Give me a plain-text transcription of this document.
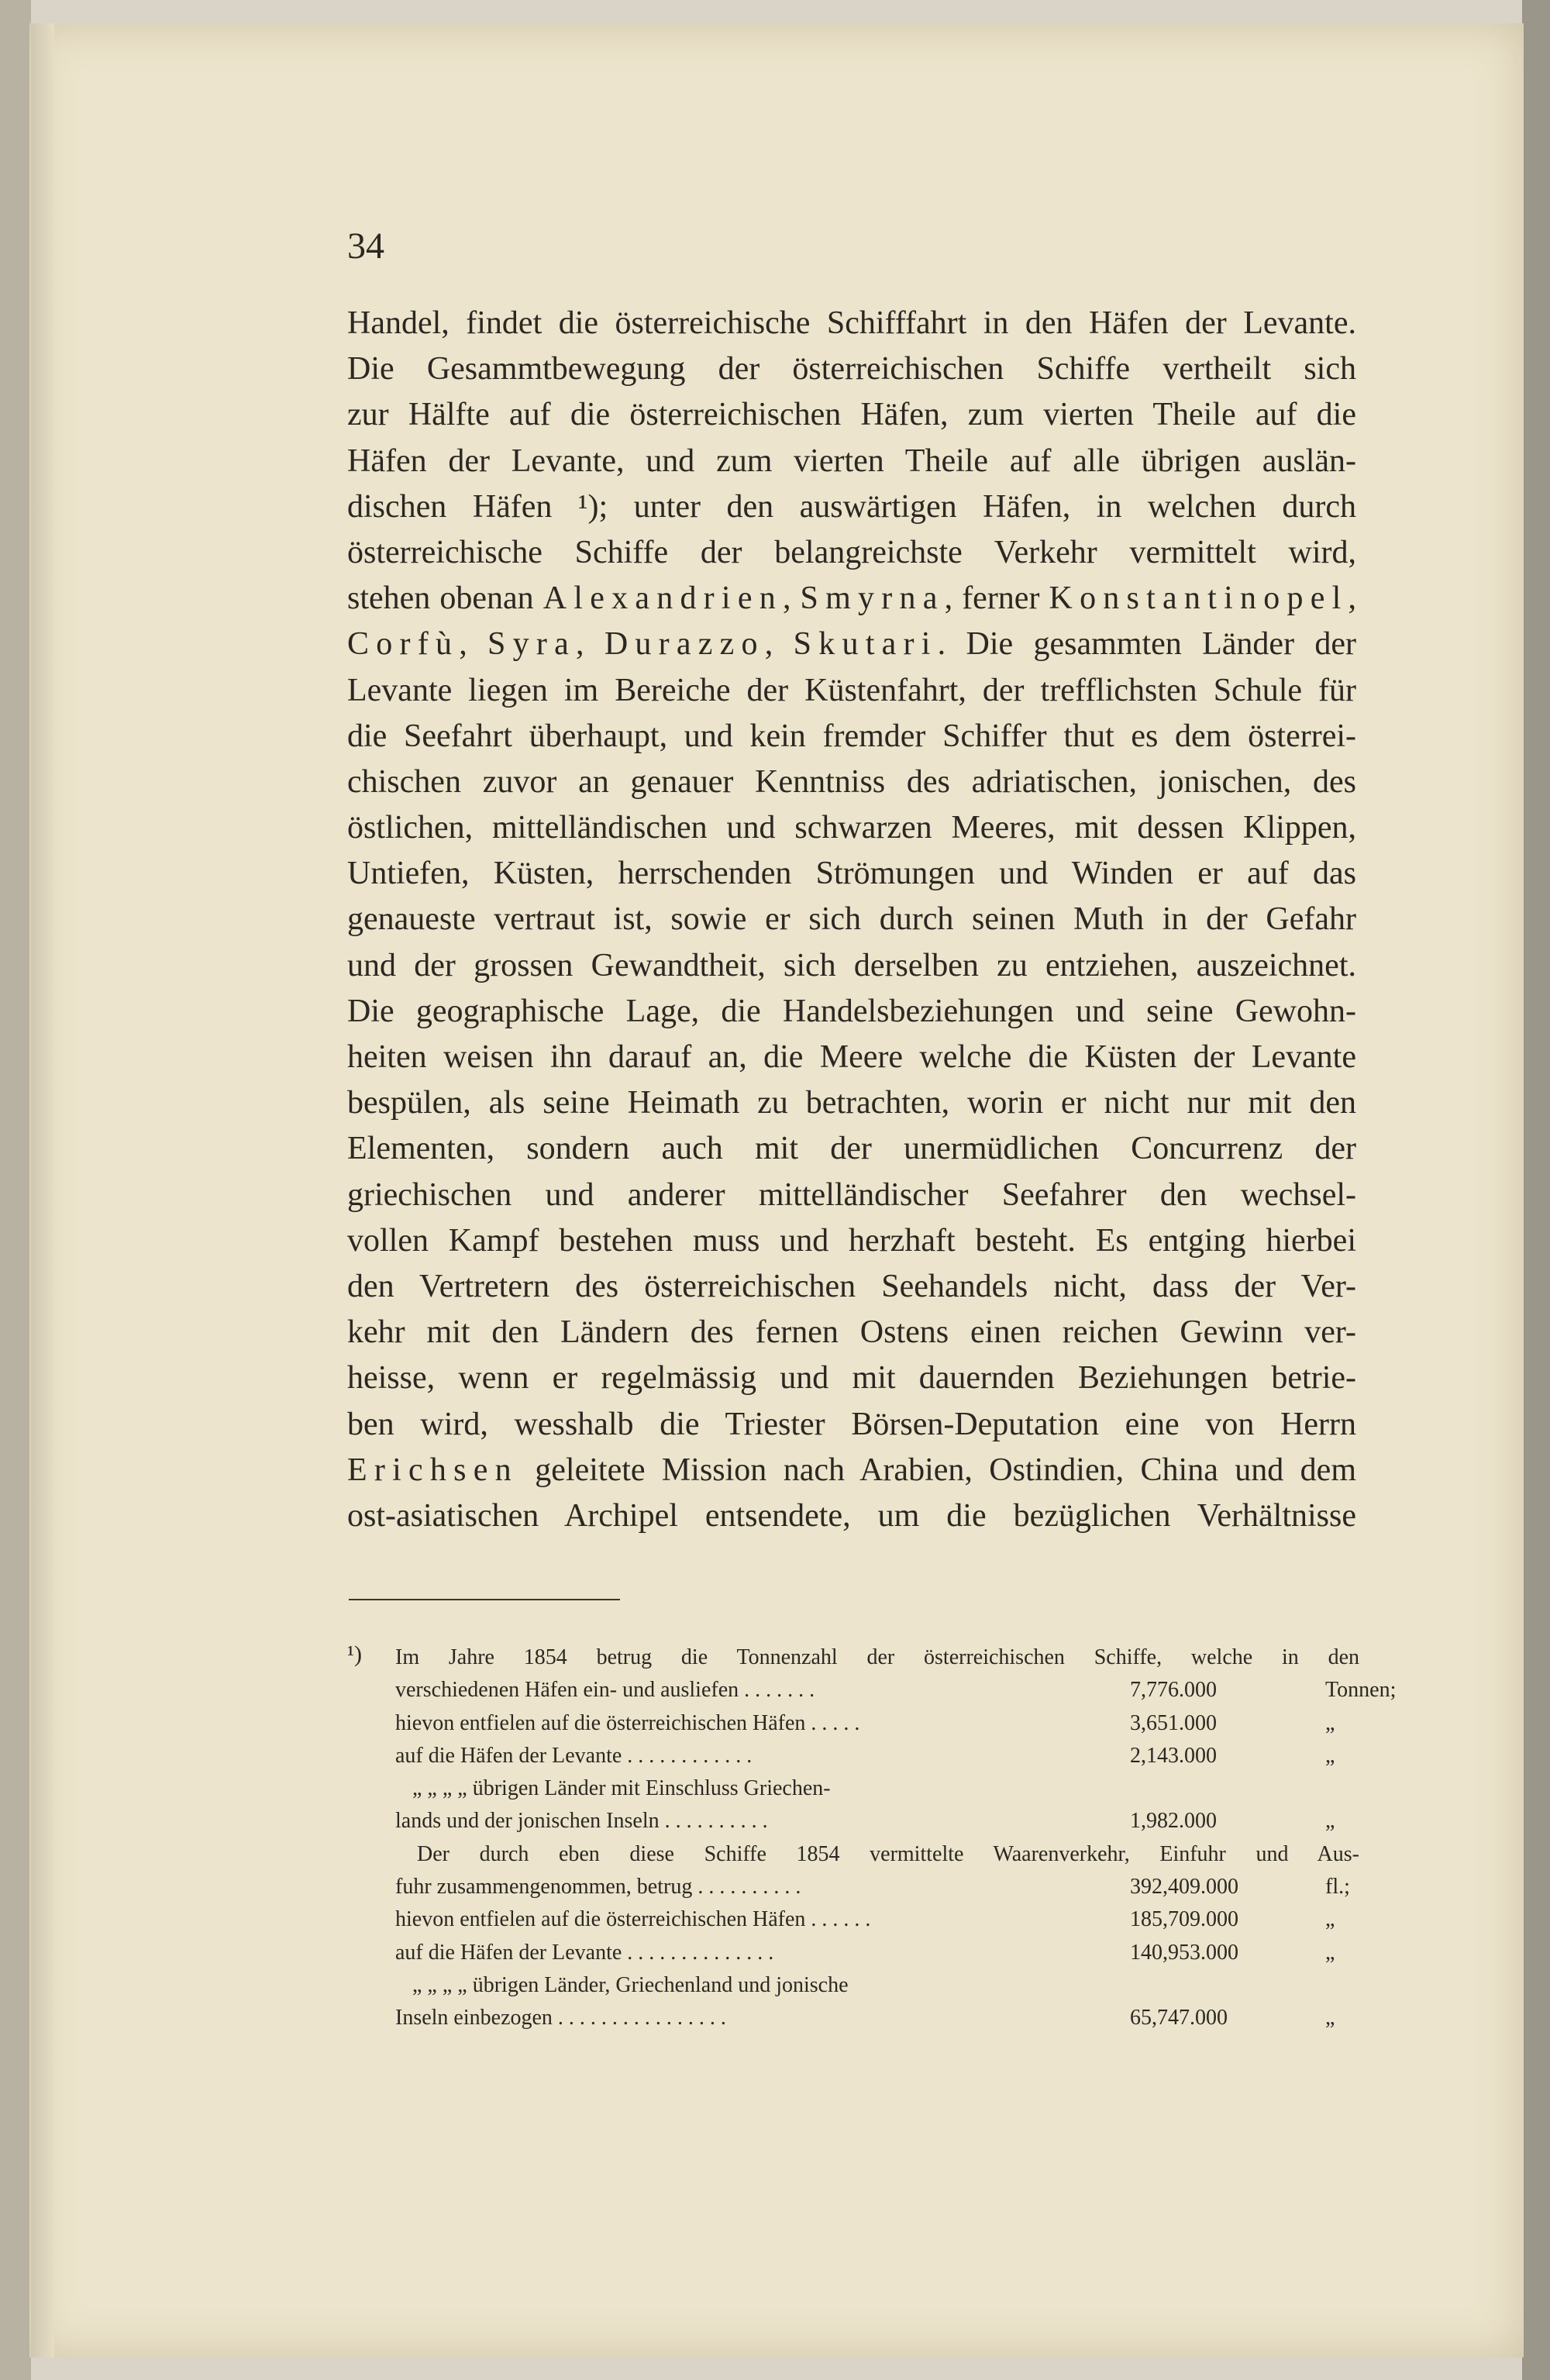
34
Handel, findet die österreichische Schifffahrt in den Häfen der Levante.
Die Gesammtbewegung der österreichischen Schiffe vertheilt sich
zur Hälfte auf die österreichischen Häfen, zum vierten Theile auf die
Häfen der Levante, und zum vierten Theile auf alle übrigen auslän-
dischen Häfen ¹); unter den auswärtigen Häfen, in welchen durch
österreichische Schiffe der belangreichste Verkehr vermittelt wird,
stehen obenan Alexandrien, Smyrna, ferner Konstantinopel,
Corfù, Syra, Durazzo, Skutari. Die gesammten Länder der
Levante liegen im Bereiche der Küstenfahrt, der trefflichsten Schule für
die Seefahrt überhaupt, und kein fremder Schiffer thut es dem österrei-
chischen zuvor an genauer Kenntniss des adriatischen, jonischen, des
östlichen, mittelländischen und schwarzen Meeres, mit dessen Klippen,
Untiefen, Küsten, herrschenden Strömungen und Winden er auf das
genaueste vertraut ist, sowie er sich durch seinen Muth in der Gefahr
und der grossen Gewandtheit, sich derselben zu entziehen, auszeichnet.
Die geographische Lage, die Handelsbeziehungen und seine Gewohn-
heiten weisen ihn darauf an, die Meere welche die Küsten der Levante
bespülen, als seine Heimath zu betrachten, worin er nicht nur mit den
Elementen, sondern auch mit der unermüdlichen Concurrenz der
griechischen und anderer mittelländischer Seefahrer den wechsel-
vollen Kampf bestehen muss und herzhaft besteht. Es entging hierbei
den Vertretern des österreichischen Seehandels nicht, dass der Ver-
kehr mit den Ländern des fernen Ostens einen reichen Gewinn ver-
heisse, wenn er regelmässig und mit dauernden Beziehungen betrie-
ben wird, wesshalb die Triester Börsen-Deputation eine von Herrn
Erichsen geleitete Mission nach Arabien, Ostindien, China und dem
ost-asiatischen Archipel entsendete, um die bezüglichen Verhältnisse
¹) Im Jahre 1854 betrug die Tonnenzahl der österreichischen Schiffe, welche in den
verschiedenen Häfen ein- und ausliefen . . . . . . .	7,776.000	Tonnen;
hievon entfielen auf die österreichischen Häfen . . . . .	3,651.000	„
auf die Häfen der Levante . . . . . . . . . . . .	2,143.000	„
„ „ „ „ übrigen Länder mit Einschluss Griechen-
lands und der jonischen Inseln . . . . . . . . . .	1,982.000	„
Der durch eben diese Schiffe 1854 vermittelte Waarenverkehr, Einfuhr und Aus-
fuhr zusammengenommen, betrug . . . . . . . . . .	392,409.000	fl.;
hievon entfielen auf die österreichischen Häfen . . . . . .	185,709.000	„
auf die Häfen der Levante . . . . . . . . . . . . . .	140,953.000	„
„ „ „ „ übrigen Länder, Griechenland und jonische
Inseln einbezogen . . . . . . . . . . . . . . . .	65,747.000	„
